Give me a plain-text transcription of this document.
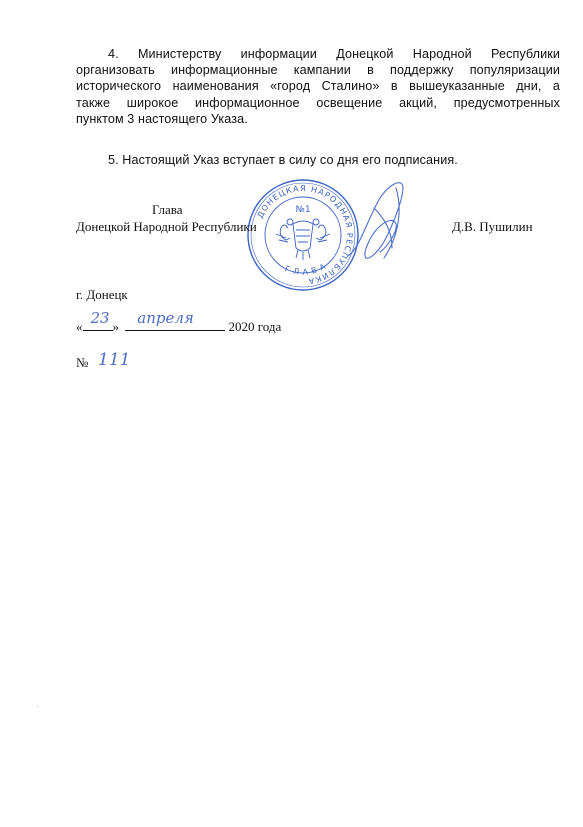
4. Министерству информации Донецкой Народной Республики
организовать информационные кампании в поддержку популяризации
исторического наименования «город Сталино» в вышеуказанные дни, а
также широкое информационное освещение акций, предусмотренных
пунктом 3 настоящего Указа.
5. Настоящий Указ вступает в силу со дня его подписания.
ДОНЕЦКАЯ НАРОДНАЯ РЕСПУБЛИКА
ГЛАВА
№1
Глава
Донецкой Народной Республики	Д.В. Пушилин
г. Донецк
« 23 » апреля	2020 года
№ 111
